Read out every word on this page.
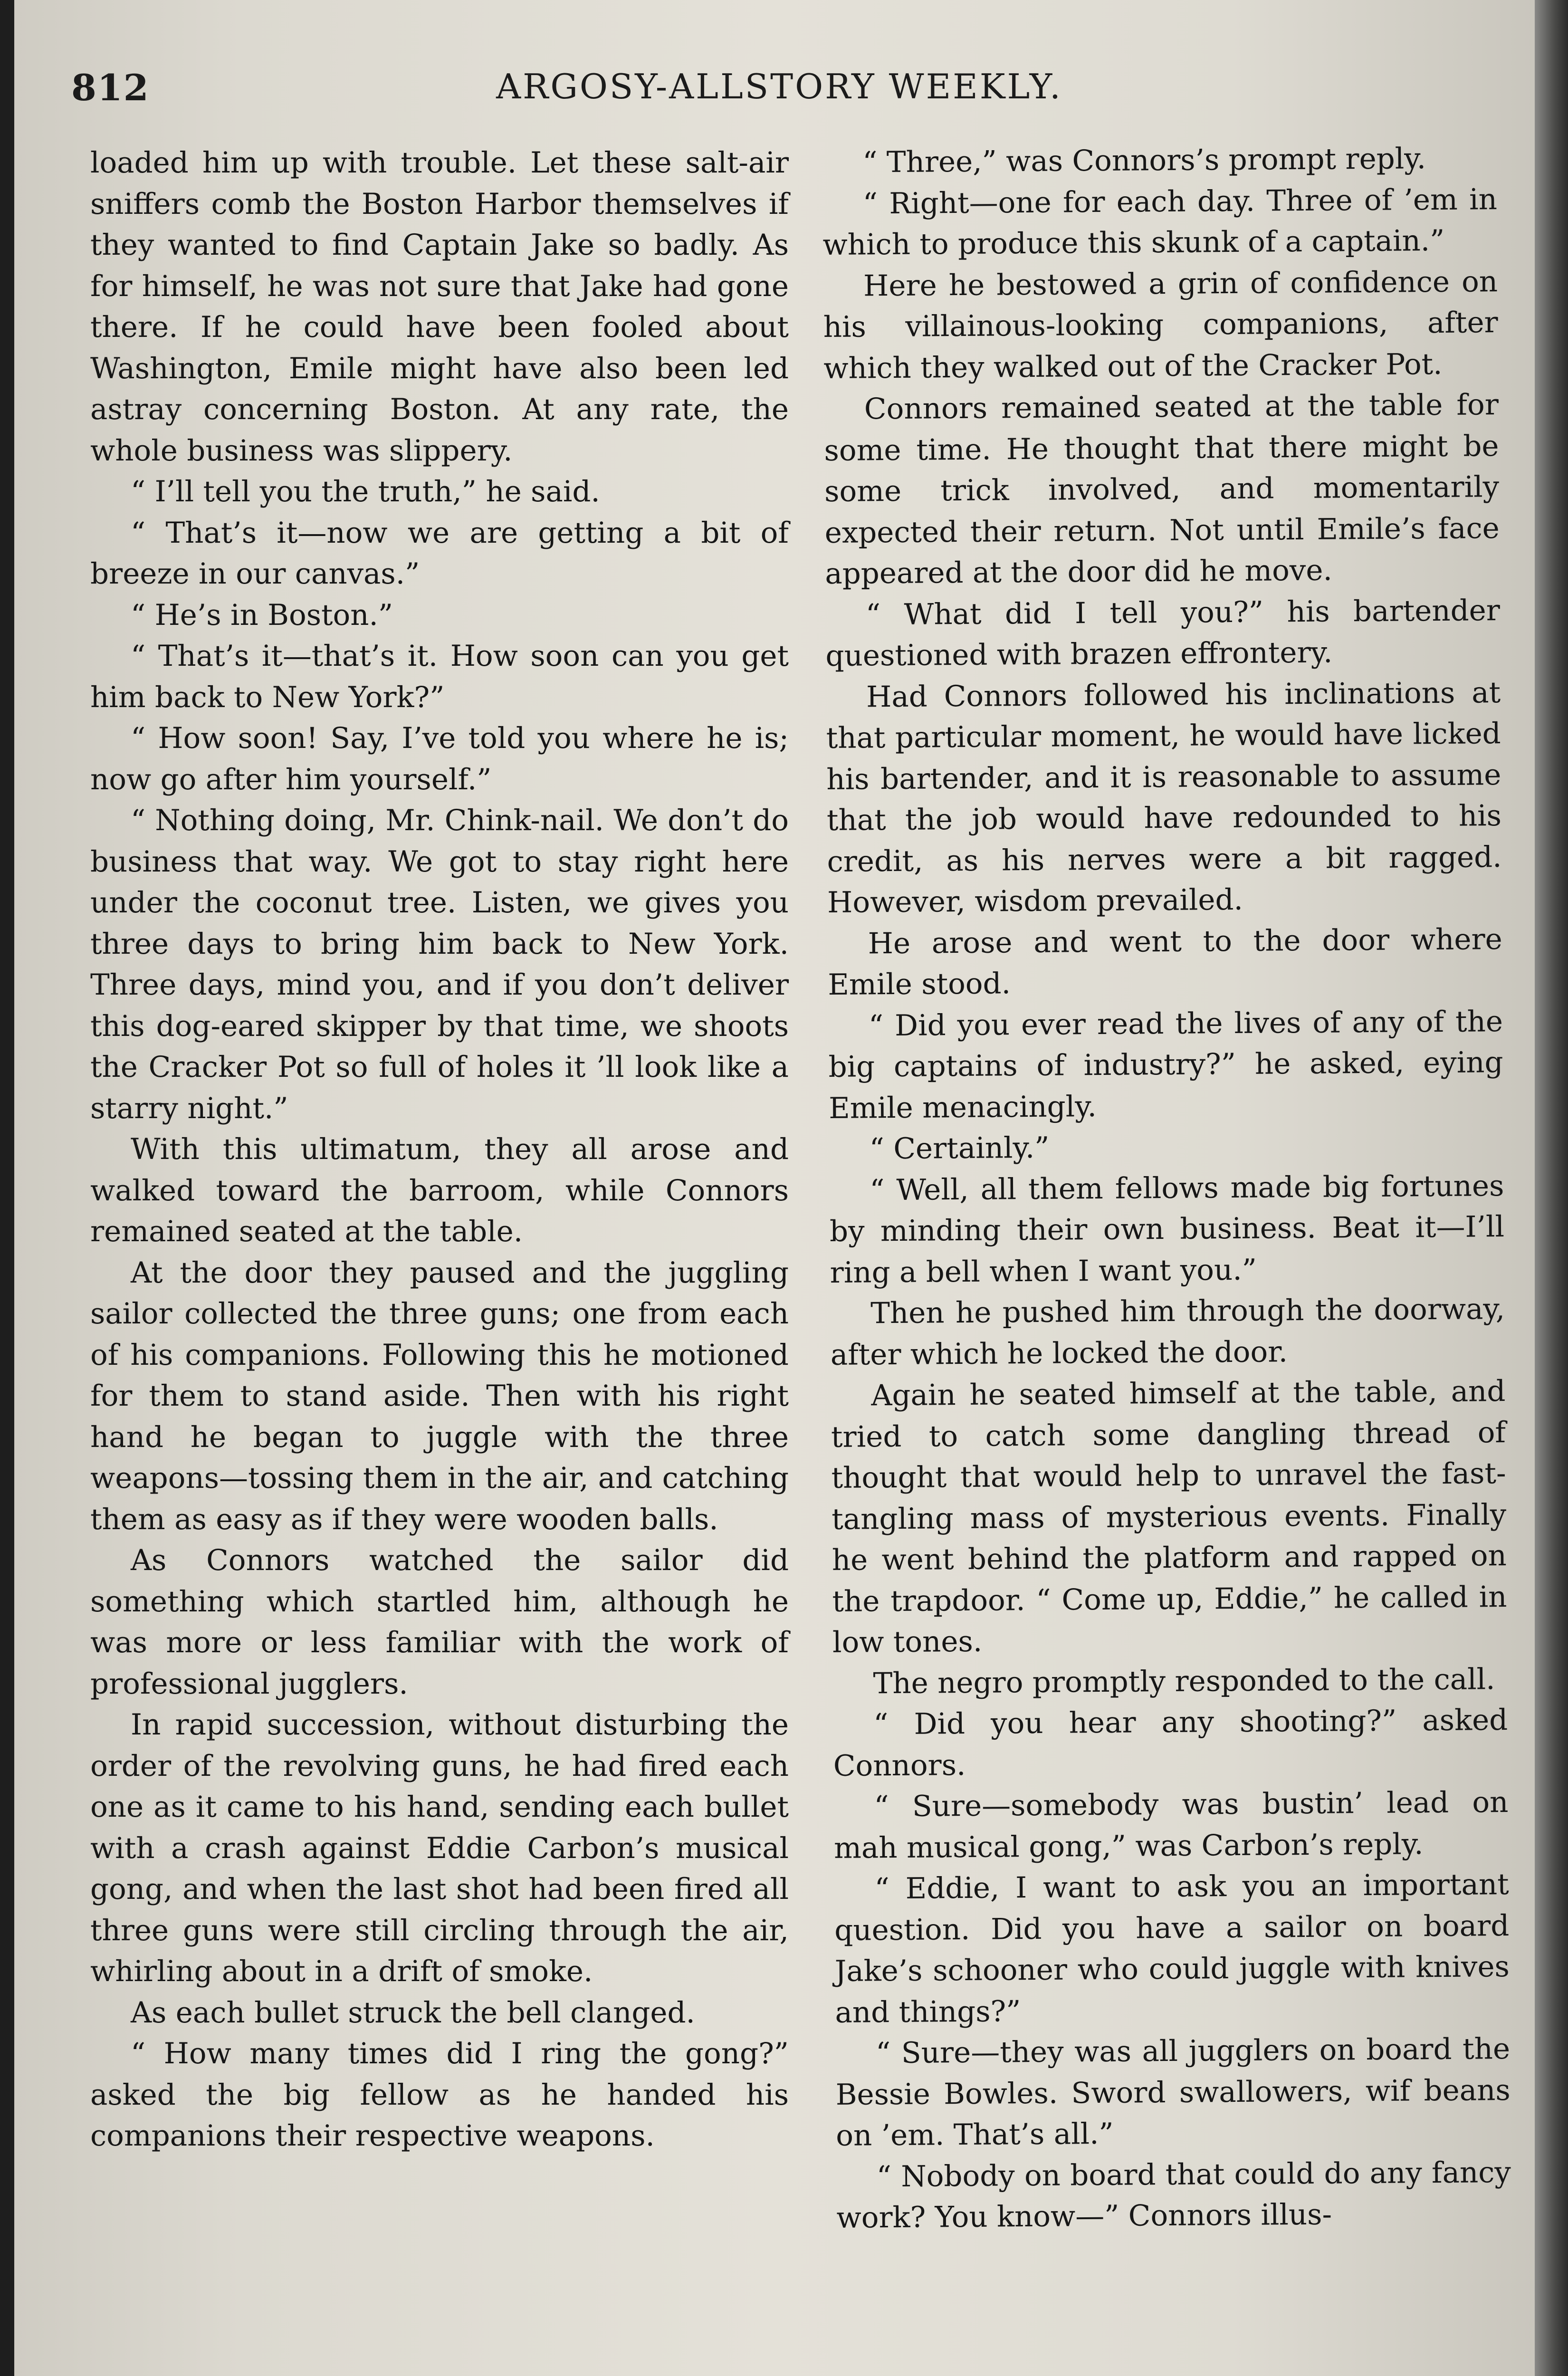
812	ARGOSY-ALLSTORY WEEKLY.

loaded him up with trouble. Let these salt-air sniffers comb the Boston Harbor themselves if they wanted to find Captain Jake so badly. As for himself, he was not sure that Jake had gone there. If he could have been fooled about Washington, Emile might have also been led astray concerning Boston. At any rate, the whole business was slippery.

“ I’ll tell you the truth,” he said.

“ That’s it—now we are getting a bit of breeze in our canvas.”

“ He’s in Boston.”

“ That’s it—that’s it. How soon can you get him back to New York?”

“ How soon! Say, I’ve told you where he is; now go after him yourself.”

“ Nothing doing, Mr. Chink-nail. We don’t do business that way. We got to stay right here under the coconut tree. Listen, we gives you three days to bring him back to New York. Three days, mind you, and if you don’t deliver this dog-eared skipper by that time, we shoots the Cracker Pot so full of holes it ’ll look like a starry night.”

With this ultimatum, they all arose and walked toward the barroom, while Connors remained seated at the table.

At the door they paused and the juggling sailor collected the three guns; one from each of his companions. Following this he motioned for them to stand aside. Then with his right hand he began to juggle with the three weapons—tossing them in the air, and catching them as easy as if they were wooden balls.

As Connors watched the sailor did something which startled him, although he was more or less familiar with the work of professional jugglers.

In rapid succession, without disturbing the order of the revolving guns, he had fired each one as it came to his hand, sending each bullet with a crash against Eddie Carbon’s musical gong, and when the last shot had been fired all three guns were still circling through the air, whirling about in a drift of smoke.

As each bullet struck the bell clanged.

“ How many times did I ring the gong?” asked the big fellow as he handed his companions their respective weapons.

“ Three,” was Connors’s prompt reply.

“ Right—one for each day. Three of ’em in which to produce this skunk of a captain.”

Here he bestowed a grin of confidence on his villainous-looking companions, after which they walked out of the Cracker Pot.

Connors remained seated at the table for some time. He thought that there might be some trick involved, and momentarily expected their return. Not until Emile’s face appeared at the door did he move.

“ What did I tell you?” his bartender questioned with brazen effrontery.

Had Connors followed his inclinations at that particular moment, he would have licked his bartender, and it is reasonable to assume that the job would have redounded to his credit, as his nerves were a bit ragged. However, wisdom prevailed.

He arose and went to the door where Emile stood.

“ Did you ever read the lives of any of the big captains of industry?” he asked, eying Emile menacingly.

“ Certainly.”

“ Well, all them fellows made big fortunes by minding their own business. Beat it—I’ll ring a bell when I want you.”

Then he pushed him through the doorway, after which he locked the door.

Again he seated himself at the table, and tried to catch some dangling thread of thought that would help to unravel the fast-tangling mass of mysterious events. Finally he went behind the platform and rapped on the trapdoor. “ Come up, Eddie,” he called in low tones.

The negro promptly responded to the call.

“ Did you hear any shooting?” asked Connors.

“ Sure—somebody was bustin’ lead on mah musical gong,” was Carbon’s reply.

“ Eddie, I want to ask you an important question. Did you have a sailor on board Jake’s schooner who could juggle with knives and things?”

“ Sure—they was all jugglers on board the Bessie Bowles. Sword swallowers, wif beans on ’em. That’s all.”

“ Nobody on board that could do any fancy work? You know—” Connors illus-
